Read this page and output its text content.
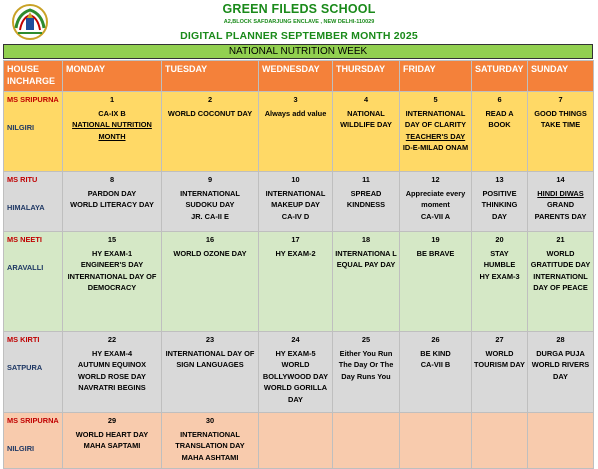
GREEN FILEDS SCHOOL
A2,BLOCK SAFDARJUNG ENCLAVE , NEW DELHI-110029
DIGITAL PLANNER SEPTEMBER MONTH 2025
NATIONAL NUTRITION WEEK
HOUSE INCHARGE	MONDAY	TUESDAY	WEDNESDAY	THURSDAY	FRIDAY	SATURDAY	SUNDAY

MS SRIPURNA
NILGIRI	1
CA-IX B
NATIONAL NUTRITION MONTH	2
WORLD COCONUT DAY	3
Always add value	4
NATIONAL WILDLIFE DAY	5
INTERNATIONAL DAY OF CLARITY
TEACHER'S DAY
ID-E-MILAD ONAM	6
READ A BOOK	7
GOOD THINGS TAKE TIME

MS RITU
HIMALAYA	8
PARDON DAY
WORLD LITERACY DAY	9
INTERNATIONAL SUDOKU DAY
JR. CA-II E	10
INTERNATIONAL MAKEUP DAY
CA-IV D	11
SPREAD KINDNESS	12
Appreciate every moment
CA-VII A	13
POSITIVE THINKING DAY	14
HINDI DIWAS
GRAND PARENTS DAY

MS NEETI
ARAVALLI	15
HY EXAM-1
ENGINEER'S DAY
INTERNATIONAL DAY OF DEMOCRACY	16
WORLD OZONE DAY	17
HY EXAM-2	18
INTERNATIONA L EQUAL PAY DAY	19
BE BRAVE	20
STAY HUMBLE
HY EXAM-3	21
WORLD GRATITUDE DAY
INTERNATIONL DAY OF PEACE

MS KIRTI
SATPURA	22
HY EXAM-4
AUTUMN EQUINOX
WORLD ROSE DAY
NAVRATRI BEGINS	23
INTERNATIONAL DAY OF SIGN LANGUAGES	24
HY EXAM-5
WORLD BOLLYWOOD DAY
WORLD GORILLA DAY	25
Either You Run The Day Or The Day Runs You	26
BE KIND
CA-VII B	27
WORLD TOURISM DAY	28
DURGA PUJA
WORLD RIVERS DAY

MS SRIPURNA
NILGIRI	29
WORLD HEART DAY
MAHA SAPTAMI	30
INTERNATIONAL TRANSLATION DAY
MAHA ASHTAMI					
